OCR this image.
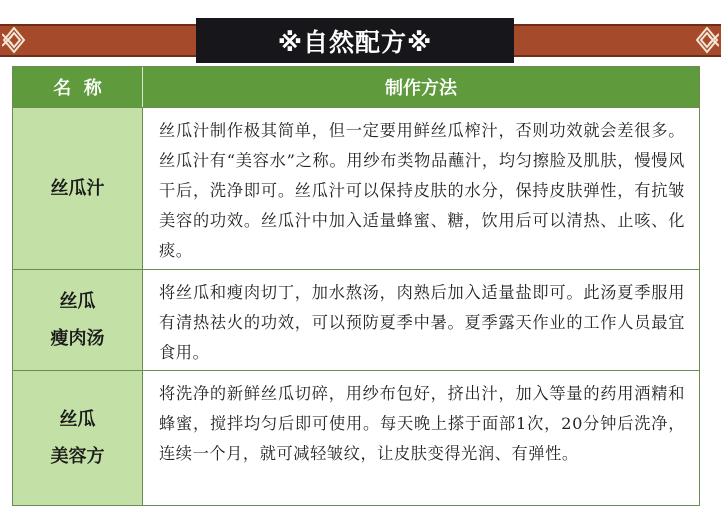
※自然配方※
名  称	制作方法
丝瓜汁
丝瓜汁制作极其简单，但一定要用鲜丝瓜榨汁，否则功效就会差很多。丝瓜汁有“美容水”之称。用纱布类物品蘸汁，均匀擦脸及肌肤，慢慢风干后，洗净即可。丝瓜汁可以保持皮肤的水分，保持皮肤弹性，有抗皱美容的功效。丝瓜汁中加入适量蜂蜜、糖，饮用后可以清热、止咳、化痰。
丝瓜
瘦肉汤
将丝瓜和瘦肉切丁，加水熬汤，肉熟后加入适量盐即可。此汤夏季服用有清热祛火的功效，可以预防夏季中暑。夏季露天作业的工作人员最宜食用。
丝瓜
美容方
将洗净的新鲜丝瓜切碎，用纱布包好，挤出汁，加入等量的药用酒精和蜂蜜，搅拌均匀后即可使用。每天晚上搽于面部1次，20分钟后洗净，连续一个月，就可减轻皱纹，让皮肤变得光润、有弹性。
